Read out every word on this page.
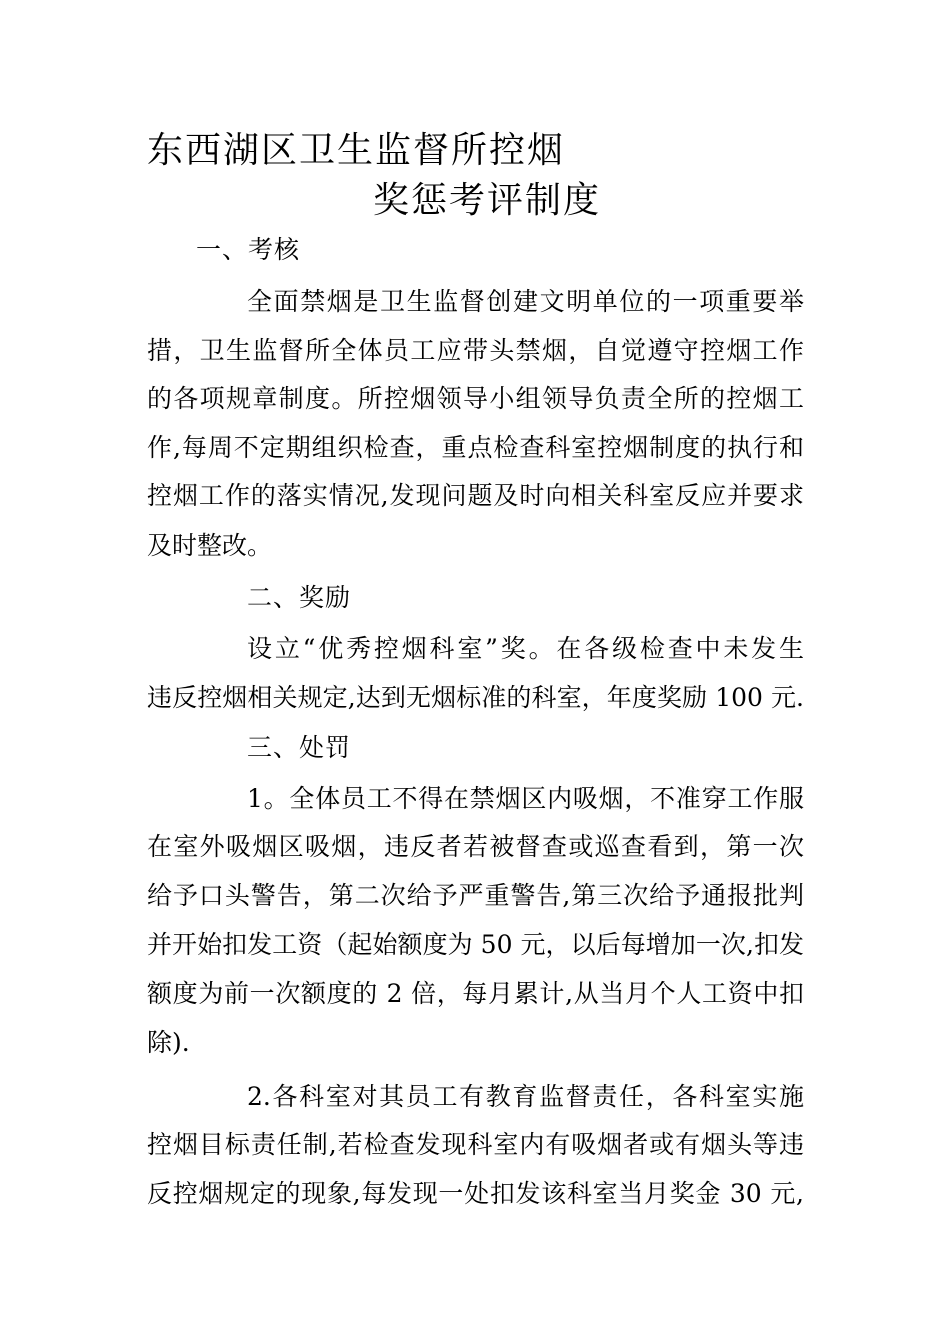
东西湖区卫生监督所控烟
奖惩考评制度
一、考核
全面禁烟是卫生监督创建文明单位的一项重要举
措，卫生监督所全体员工应带头禁烟，自觉遵守控烟工作
的各项规章制度。所控烟领导小组领导负责全所的控烟工
作,每周不定期组织检查，重点检查科室控烟制度的执行和
控烟工作的落实情况,发现问题及时向相关科室反应并要求
及时整改。
二、奖励
设立“优秀控烟科室”奖。在各级检查中未发生
违反控烟相关规定,达到无烟标准的科室，年度奖励 100 元.
三、处罚
1。全体员工不得在禁烟区内吸烟，不准穿工作服
在室外吸烟区吸烟，违反者若被督查或巡查看到，第一次
给予口头警告，第二次给予严重警告,第三次给予通报批判
并开始扣发工资（起始额度为 50 元，以后每增加一次,扣发
额度为前一次额度的 2 倍，每月累计,从当月个人工资中扣
除).
2.各科室对其员工有教育监督责任，各科室实施
控烟目标责任制,若检查发现科室内有吸烟者或有烟头等违
反控烟规定的现象,每发现一处扣发该科室当月奖金 30 元,
